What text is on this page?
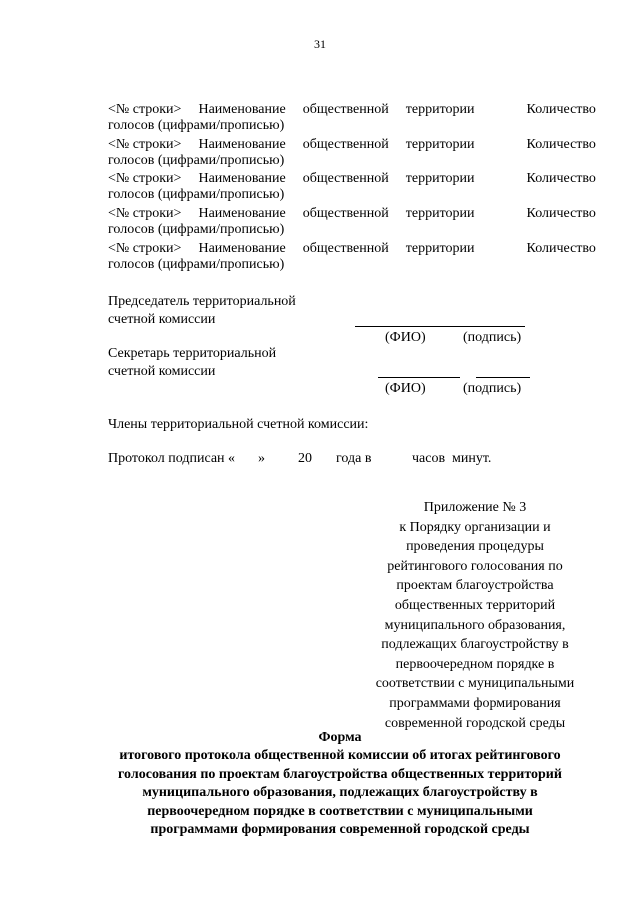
31
<№ строки> Наименование общественной территории	Количество
голосов (цифрами/прописью)
<№ строки> Наименование общественной территории	Количество
голосов (цифрами/прописью)
<№ строки> Наименование общественной территории	Количество
голосов (цифрами/прописью)
<№ строки> Наименование общественной территории	Количество
голосов (цифрами/прописью)
<№ строки> Наименование общественной территории	Количество
голосов (цифрами/прописью)
Председатель территориальной
счетной комиссии
(ФИО)	(подпись)
Секретарь территориальной
счетной комиссии
(ФИО)	(подпись)
Члены территориальной счетной комиссии:
Протокол подписан « » 20 года в	часов минут.
Приложение № 3
к Порядку организации и
проведения процедуры
рейтингового голосования по
проектам благоустройства
общественных территорий
муниципального образования,
подлежащих благоустройству в
первоочередном порядке в
соответствии с муниципальными
программами формирования
современной городской среды
Форма
итогового протокола общественной комиссии об итогах рейтингового
голосования по проектам благоустройства общественных территорий
муниципального образования, подлежащих благоустройству в
первоочередном порядке в соответствии с муниципальными
программами формирования современной городской среды
